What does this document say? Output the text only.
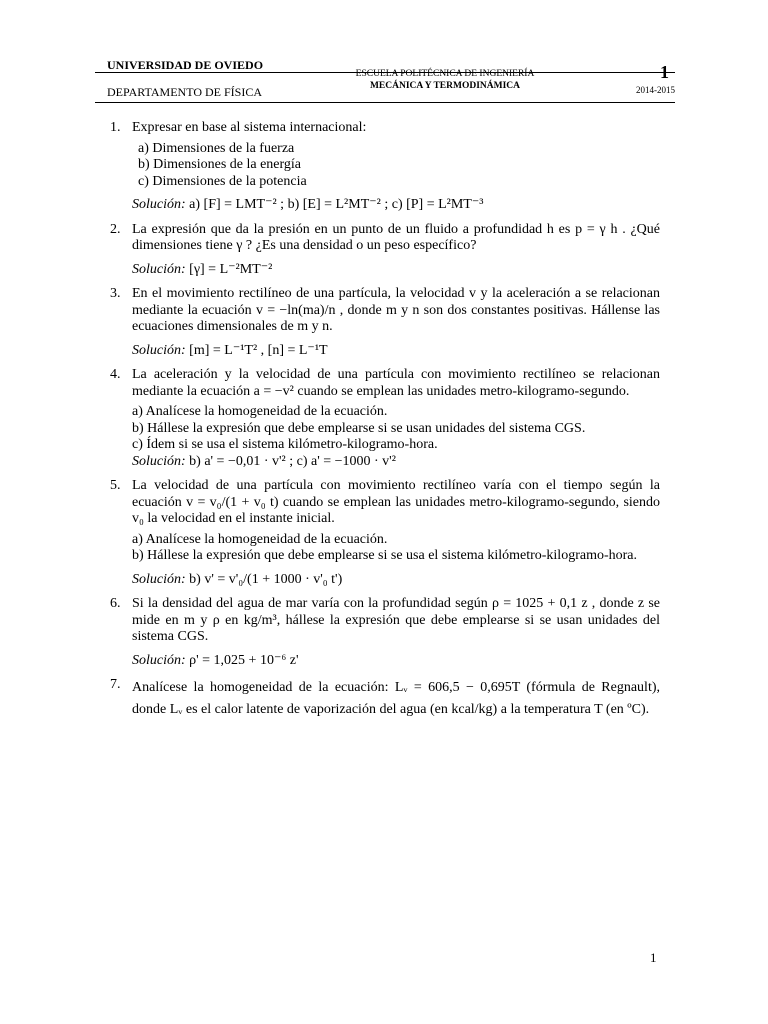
UNIVERSIDAD DE OVIEDO
DEPARTAMENTO DE FÍSICA
ESCUELA POLITÉCNICA DE INGENIERÍA
MECÁNICA Y TERMODINÁMICA
1
2014-2015
1. Expresar en base al sistema internacional:
a) Dimensiones de la fuerza
b) Dimensiones de la energía
c) Dimensiones de la potencia
Solución: a) [F] = LMT⁻² ; b) [E] = L²MT⁻² ; c) [P] = L²MT⁻³
2. La expresión que da la presión en un punto de un fluido a profundidad h es p = γ h . ¿Qué dimensiones tiene γ ? ¿Es una densidad o un peso específico?
Solución: [γ] = L⁻²MT⁻²
3. En el movimiento rectilíneo de una partícula, la velocidad v y la aceleración a se relacionan mediante la ecuación v = −ln(ma)/n , donde m y n son dos constantes positivas. Hállense las ecuaciones dimensionales de m y n.
Solución: [m] = L⁻¹T² , [n] = L⁻¹T
4. La aceleración y la velocidad de una partícula con movimiento rectilíneo se relacionan mediante la ecuación a = −v² cuando se emplean las unidades metro-kilogramo-segundo.
a) Analícese la homogeneidad de la ecuación.
b) Hállese la expresión que debe emplearse si se usan unidades del sistema CGS.
c) Ídem si se usa el sistema kilómetro-kilogramo-hora.
Solución: b) a' = −0,01 · v'² ; c) a' = −1000 · v'²
5. La velocidad de una partícula con movimiento rectilíneo varía con el tiempo según la ecuación v = v₀/(1 + v₀ t) cuando se emplean las unidades metro-kilogramo-segundo, siendo v₀ la velocidad en el instante inicial.
a) Analícese la homogeneidad de la ecuación.
b) Hállese la expresión que debe emplearse si se usa el sistema kilómetro-kilogramo-hora.
Solución: b) v' = v'₀/(1 + 1000 · v'₀ t')
6. Si la densidad del agua de mar varía con la profundidad según ρ = 1025 + 0,1 z , donde z se mide en m y ρ en kg/m³, hállese la expresión que debe emplearse si se usan unidades del sistema CGS.
Solución: ρ' = 1,025 + 10⁻⁶ z'
7. Analícese la homogeneidad de la ecuación: Lᵥ = 606,5 − 0,695T (fórmula de Regnault), donde Lᵥ es el calor latente de vaporización del agua (en kcal/kg) a la temperatura T (en ºC).
1
